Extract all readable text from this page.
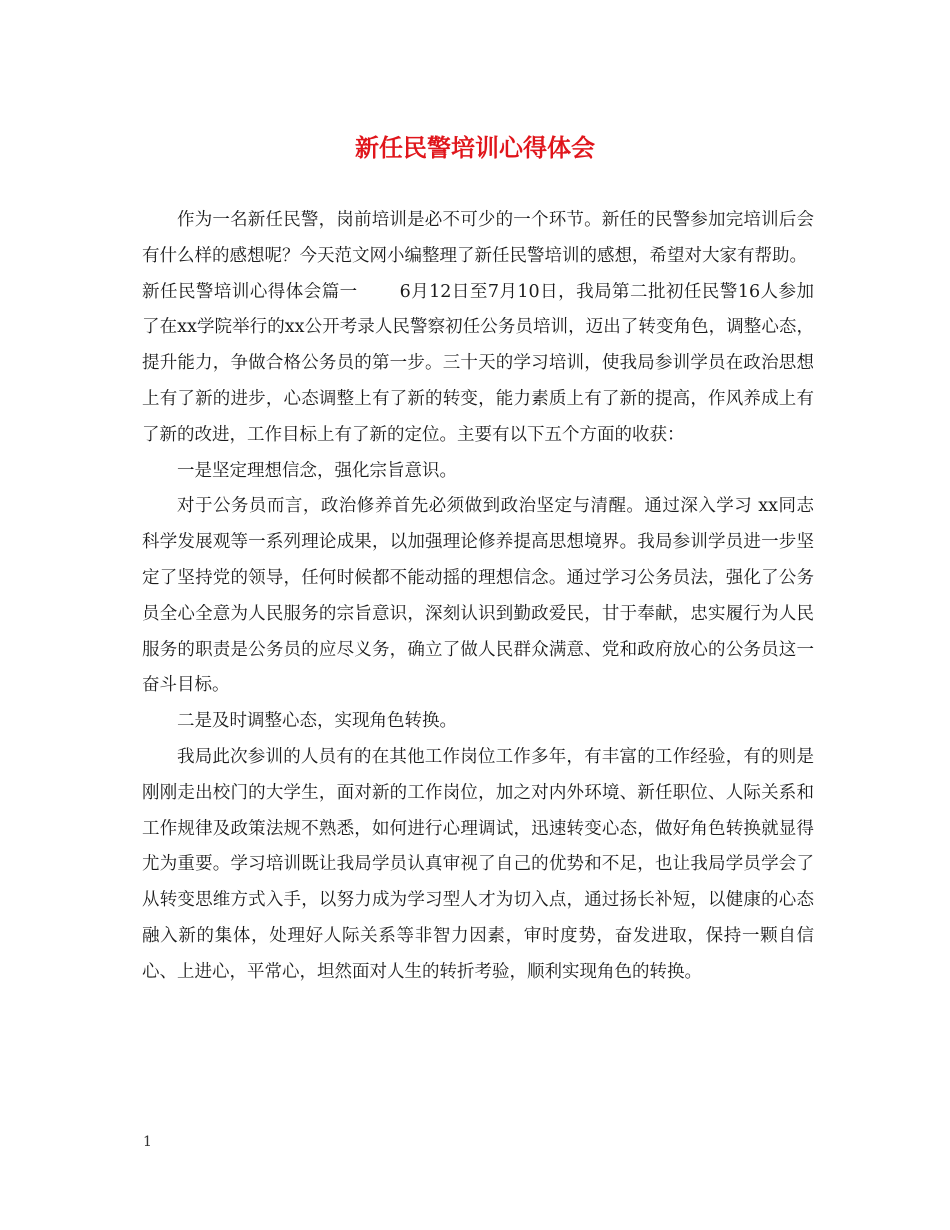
新任民警培训心得体会

作为一名新任民警，岗前培训是必不可少的一个环节。新任的民警参加完培训后会有什么样的感想呢？今天范文网小编整理了新任民警培训的感想，希望对大家有帮助。

新任民警培训心得体会篇一　　 6月12日至7月10日，我局第二批初任民警16人参加了在xx学院举行的xx公开考录人民警察初任公务员培训，迈出了转变角色，调整心态，提升能力，争做合格公务员的第一步。三十天的学习培训，使我局参训学员在政治思想上有了新的进步，心态调整上有了新的转变，能力素质上有了新的提高，作风养成上有了新的改进，工作目标上有了新的定位。主要有以下五个方面的收获：

一是坚定理想信念，强化宗旨意识。

对于公务员而言，政治修养首先必须做到政治坚定与清醒。通过深入学习 xx同志科学发展观等一系列理论成果，以加强理论修养提高思想境界。我局参训学员进一步坚定了坚持党的领导，任何时候都不能动摇的理想信念。通过学习公务员法，强化了公务员全心全意为人民服务的宗旨意识，深刻认识到勤政爱民，甘于奉献，忠实履行为人民服务的职责是公务员的应尽义务，确立了做人民群众满意、党和政府放心的公务员这一奋斗目标。

二是及时调整心态，实现角色转换。

我局此次参训的人员有的在其他工作岗位工作多年，有丰富的工作经验，有的则是刚刚走出校门的大学生，面对新的工作岗位，加之对内外环境、新任职位、人际关系和工作规律及政策法规不熟悉，如何进行心理调试，迅速转变心态，做好角色转换就显得尤为重要。学习培训既让我局学员认真审视了自己的优势和不足，也让我局学员学会了从转变思维方式入手，以努力成为学习型人才为切入点，通过扬长补短，以健康的心态融入新的集体，处理好人际关系等非智力因素，审时度势，奋发进取，保持一颗自信心、上进心，平常心，坦然面对人生的转折考验，顺利实现角色的转换。

1
